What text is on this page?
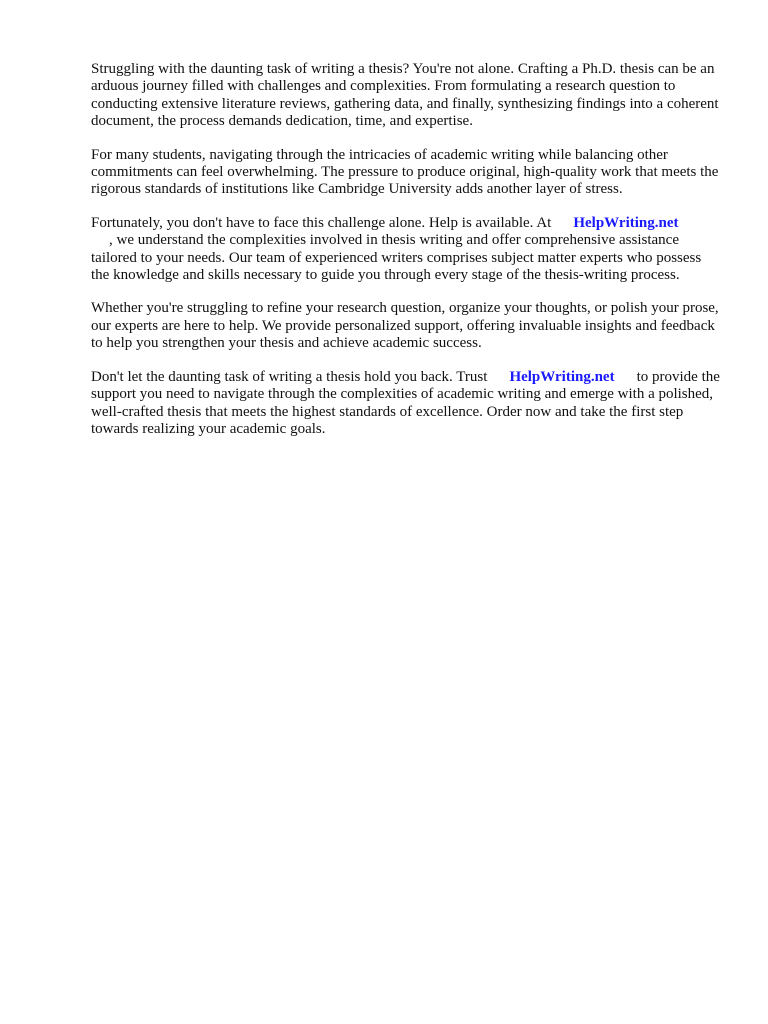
Struggling with the daunting task of writing a thesis? You're not alone. Crafting a Ph.D. thesis can be an arduous journey filled with challenges and complexities. From formulating a research question to conducting extensive literature reviews, gathering data, and finally, synthesizing findings into a coherent document, the process demands dedication, time, and expertise.

For many students, navigating through the intricacies of academic writing while balancing other commitments can feel overwhelming. The pressure to produce original, high-quality work that meets the rigorous standards of institutions like Cambridge University adds another layer of stress.

Fortunately, you don't have to face this challenge alone. Help is available. At HelpWriting.net
, we understand the complexities involved in thesis writing and offer comprehensive assistance tailored to your needs. Our team of experienced writers comprises subject matter experts who possess the knowledge and skills necessary to guide you through every stage of the thesis-writing process.

Whether you're struggling to refine your research question, organize your thoughts, or polish your prose, our experts are here to help. We provide personalized support, offering invaluable insights and feedback to help you strengthen your thesis and achieve academic success.

Don't let the daunting task of writing a thesis hold you back. Trust HelpWriting.net to provide the support you need to navigate through the complexities of academic writing and emerge with a polished, well-crafted thesis that meets the highest standards of excellence. Order now and take the first step towards realizing your academic goals.
